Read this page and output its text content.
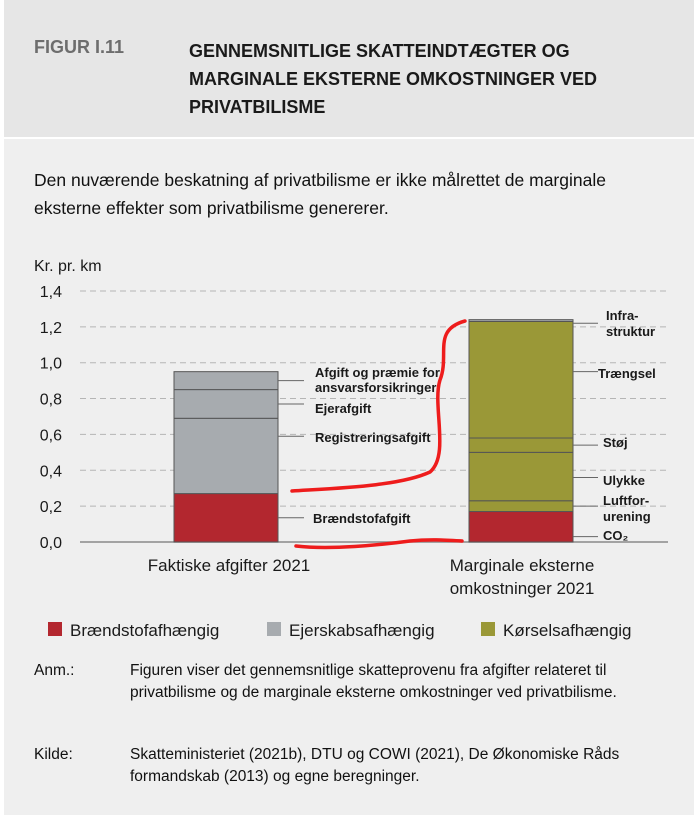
FIGUR I.11	GENNEMSNITLIGE SKATTEINDTÆGTER OG MARGINALE EKSTERNE OMKOSTNINGER VED PRIVATBILISME
Den nuværende beskatning af privatbilisme er ikke målrettet de marginale eksterne effekter som privatbilisme genererer.
Anm.:	Figuren viser det gennemsnitlige skatteprovenu fra afgifter relateret til privatbilisme og de marginale eksterne omkostninger ved privatbilisme.
Kilde:	Skatteministeriet (2021b), DTU og COWI (2021), De Økonomiske Råds formandskab (2013) og egne beregninger.
Kr. pr. km
0,0
0,2
0,4
0,6
0,8
1,0
1,2
1,4
Brændstofafgift
Registreringsafgift
Ejerafgift
Afgift og præmie for
ansvarsforsikringer
CO₂
Luftfor-
urening
Ulykke
Støj
Trængsel
Infra-
struktur
Faktiske afgifter 2021	Marginale eksterne
omkostninger 2021
Brændstofafhængig	Ejerskabsafhængig	Kørselsafhængig
